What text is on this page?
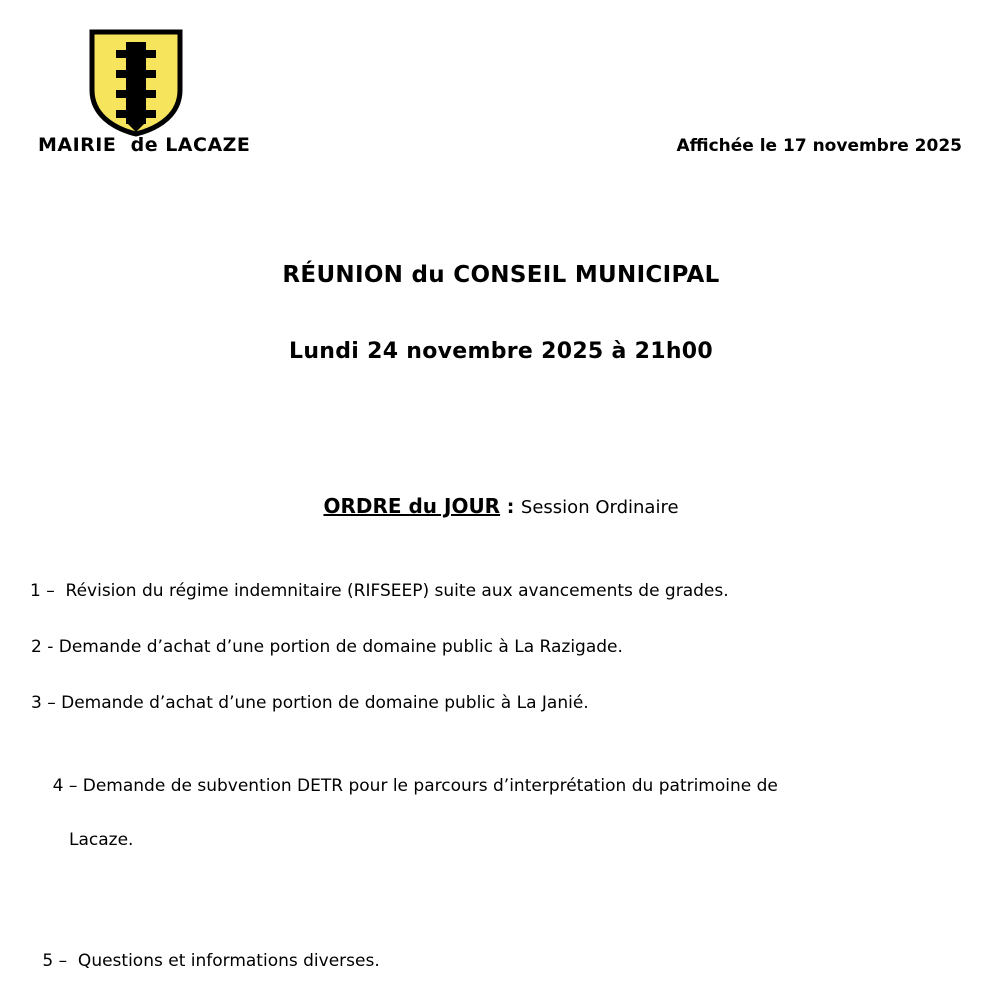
MAIRIE  de LACAZE	Affichée le 17 novembre 2025
RÉUNION du CONSEIL MUNICIPAL
Lundi 24 novembre 2025 à 21h00
ORDRE du JOUR : Session Ordinaire
1 –  Révision du régime indemnitaire (RIFSEEP) suite aux avancements de grades.
2 - Demande d’achat d’une portion de domaine public à La Razigade.
3 – Demande d’achat d’une portion de domaine public à La Janié.

4 – Demande de subvention DETR pour le parcours d’interprétation du patrimoine de

Lacaze.

5 –  Questions et informations diverses.
